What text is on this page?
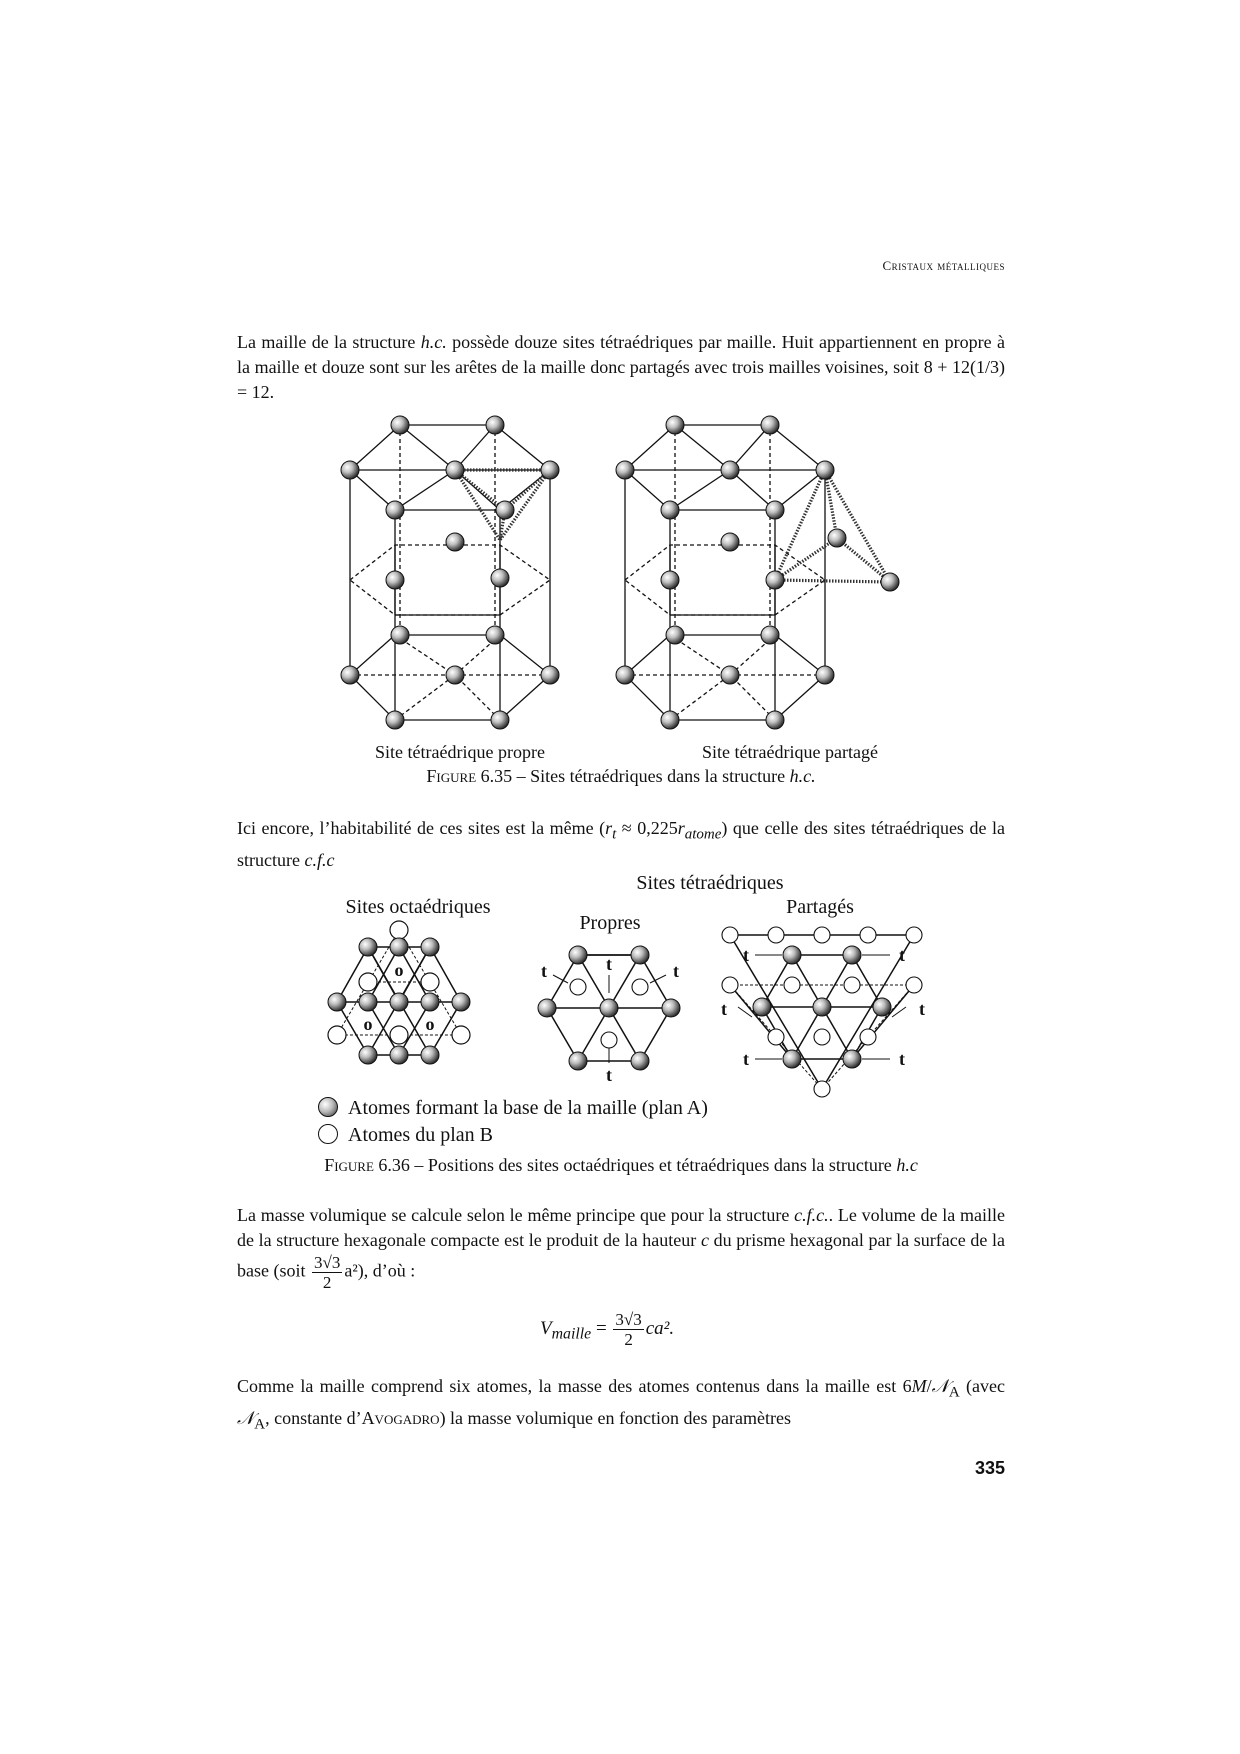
Cristaux métalliques
La maille de la structure h.c. possède douze sites tétraédriques par maille. Huit appartiennent en propre à la maille et douze sont sur les arêtes de la maille donc partagés avec trois mailles voisines, soit 8 + 12(1/3) = 12.
Site tétraédrique propre	Site tétraédrique partagé
Figure 6.35 – Sites tétraédriques dans la structure h.c.
Ici encore, l’habitabilité de ces sites est la même $(r_t \approx 0,225r_{atome})$ que celle des sites tétraédriques de la structure c.f.c
Sites octaédriques
Sites tétraédriques
Propres
Partagés
o
o	o
t	t	t
t
t	t
t	t
t	t
Atomes formant la base de la maille (plan A)
Atomes du plan B
Figure 6.36 – Positions des sites octaédriques et tétraédriques dans la structure h.c
La masse volumique se calcule selon le même principe que pour la structure c.f.c.. Le volume de la maille de la structure hexagonale compacte est le produit de la hauteur c du prisme hexagonal par la surface de la base (soit $\frac{3√3}{2} a^2$), d’où :
$V_{maille} = \frac{3√3}{2} ca^2$.
Comme la maille comprend six atomes, la masse des atomes contenus dans la maille est 6M/𝒩$_A$ (avec 𝒩$_A$, constante d’Avogadro) la masse volumique en fonction des paramètres
335
